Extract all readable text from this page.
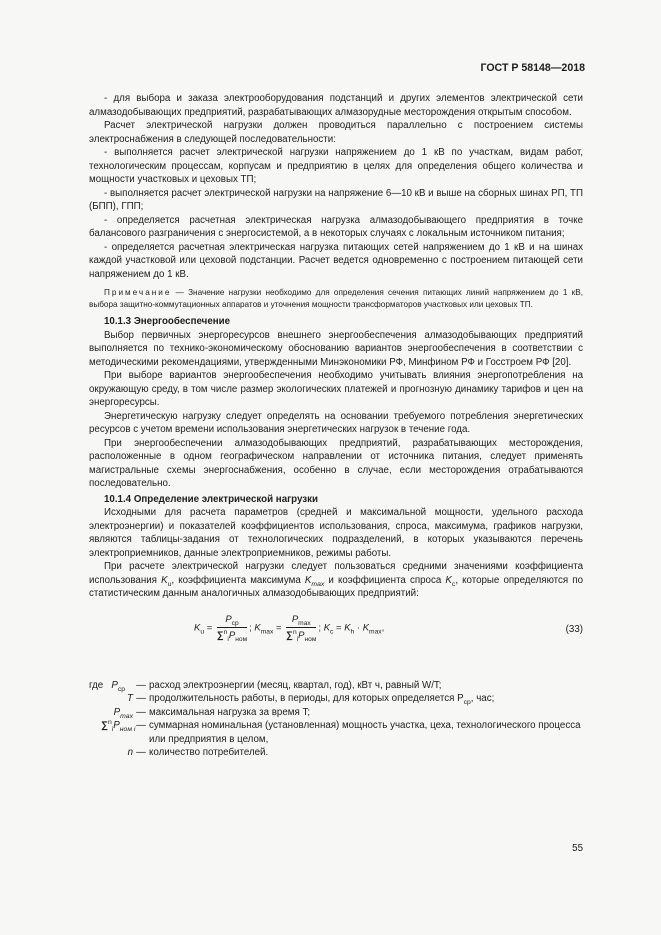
ГОСТ Р 58148—2018

- для выбора и заказа электрооборудования подстанций и других элементов электрической сети алмазодобывающих предприятий, разрабатывающих алмазорудные месторождения открытым способом.

Расчет электрической нагрузки должен проводиться параллельно с построением системы электроснабжения в следующей последовательности:

- выполняется расчет электрической нагрузки напряжением до 1 кВ по участкам, видам работ, технологическим процессам, корпусам и предприятию в целях для определения общего количества и мощности участковых и цеховых ТП;

- выполняется расчет электрической нагрузки на напряжение 6—10 кВ и выше на сборных шинах РП, ТП (БПП), ГПП;

- определяется расчетная электрическая нагрузка алмазодобывающего предприятия в точке балансового разграничения с энергосистемой, а в некоторых случаях с локальным источником питания;

- определяется расчетная электрическая нагрузка питающих сетей напряжением до 1 кВ и на шинах каждой участковой или цеховой подстанции. Расчет ведется одновременно с построением питающей сети напряжением до 1 кВ.

Примечание — Значение нагрузки необходимо для определения сечения питающих линий напряжением до 1 кВ, выбора защитно-коммутационных аппаратов и уточнения мощности трансформаторов участковых или цеховых ТП.

10.1.3 Энергообеспечение

Выбор первичных энергоресурсов внешнего энергообеспечения алмазодобывающих предприятий выполняется по технико-экономическому обоснованию вариантов энергообеспечения в соответствии с методическими рекомендациями, утвержденными Минэкономики РФ, Минфином РФ и Госстроем РФ [20].

При выборе вариантов энергообеспечения необходимо учитывать влияния энергопотребления на окружающую среду, в том числе размер экологических платежей и прогнозную динамику тарифов и цен на энергоресурсы.

Энергетическую нагрузку следует определять на основании требуемого потребления энергетических ресурсов с учетом времени использования энергетических нагрузок в течение года.

При энергообеспечении алмазодобывающих предприятий, разрабатывающих месторождения, расположенные в одном географическом направлении от источника питания, следует применять магистральные схемы энергоснабжения, особенно в случае, если месторождения отрабатываются последовательно.

10.1.4 Определение электрической нагрузки

Исходными для расчета параметров (средней и максимальной мощности, удельного расхода электроэнергии) и показателей коэффициентов использования, спроса, максимума, графиков нагрузки, являются таблицы-задания от технологических подразделений, в которых указываются перечень электроприемников, данные электроприемников, режимы работы.

При расчете электрической нагрузки следует пользоваться средними значениями коэффициента использования $K_u$, коэффициента максимума $K_{max}$ и коэффициента спроса $K_c$, которые определяются по статистическим данным аналогичных алмазодобывающих предприятий:

$K_u = \frac{P_{cp}}{\sum^n_iP_{ном}}$ ; $K_{max} = \frac{P_{max}}{\sum^n_iP_{ном}}$ ; $K_c = K_h \cdot K_{max}$,	(33)
где $P_{cp}$	— расход электроэнергии (месяц, квартал, год), кВт ч, равный W/T;
T — продолжительность работы, в периоды, для которых определяется $P_{cp}$, час;
$P_{max}$ — максимальная нагрузка за время T;
$\sum^n_iP_{ном i}$ — суммарная номинальная (установленная) мощность участка, цеха, технологического процесса или предприятия в целом,
n — количество потребителей.
55
